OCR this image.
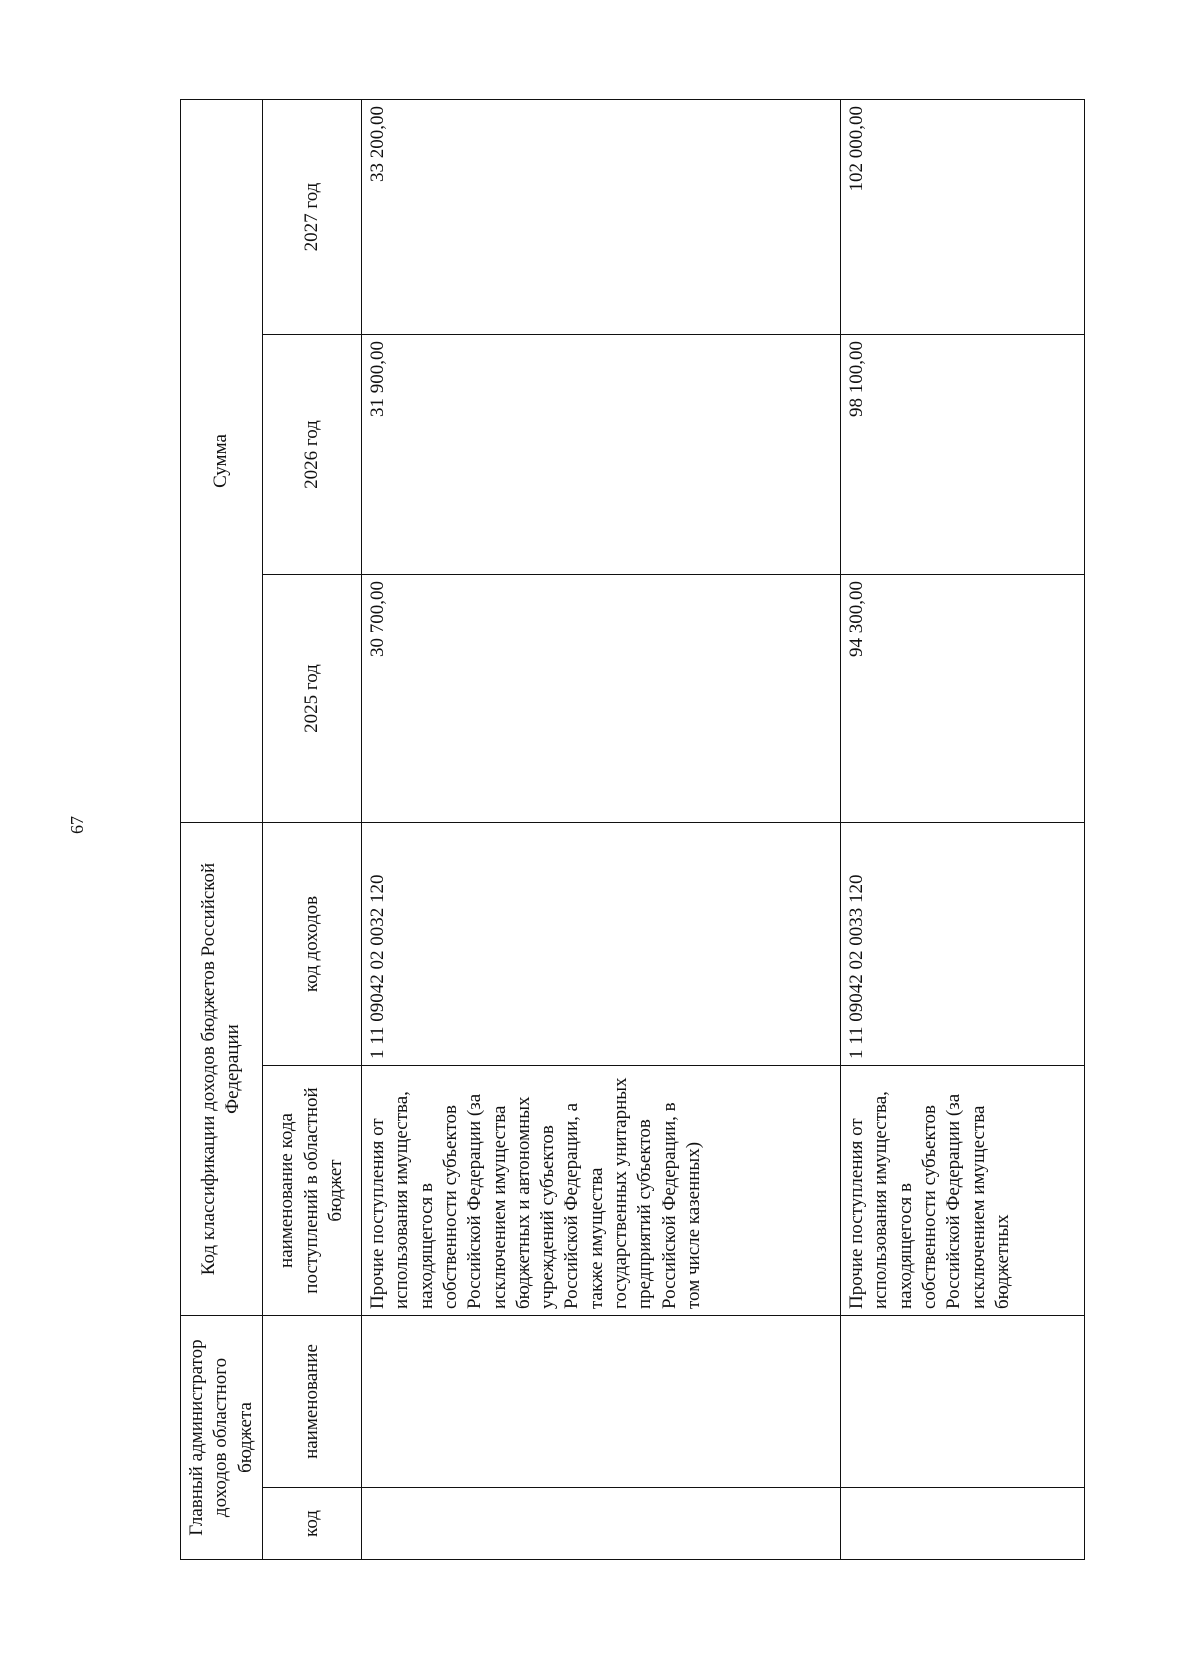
67
Главный администратор доходов областного бюджета		Код классификации доходов бюджетов Российской Федерации		Сумма		
код	наименование	наименование кода поступлений в областной бюджет	код доходов	2025 год	2026 год	2027 год
		Прочие поступления от использования имущества, находящегося в собственности субъектов Российской Федерации (за исключением имущества бюджетных и автономных учреждений субъектов Российской Федерации, а также имущества государственных унитарных предприятий субъектов Российской Федерации, в том числе казенных)	1 11 09042 02 0032 120	30 700,00	31 900,00	33 200,00
		Прочие поступления от использования имущества, находящегося в собственности субъектов Российской Федерации (за исключением имущества бюджетных	1 11 09042 02 0033 120	94 300,00	98 100,00	102 000,00
